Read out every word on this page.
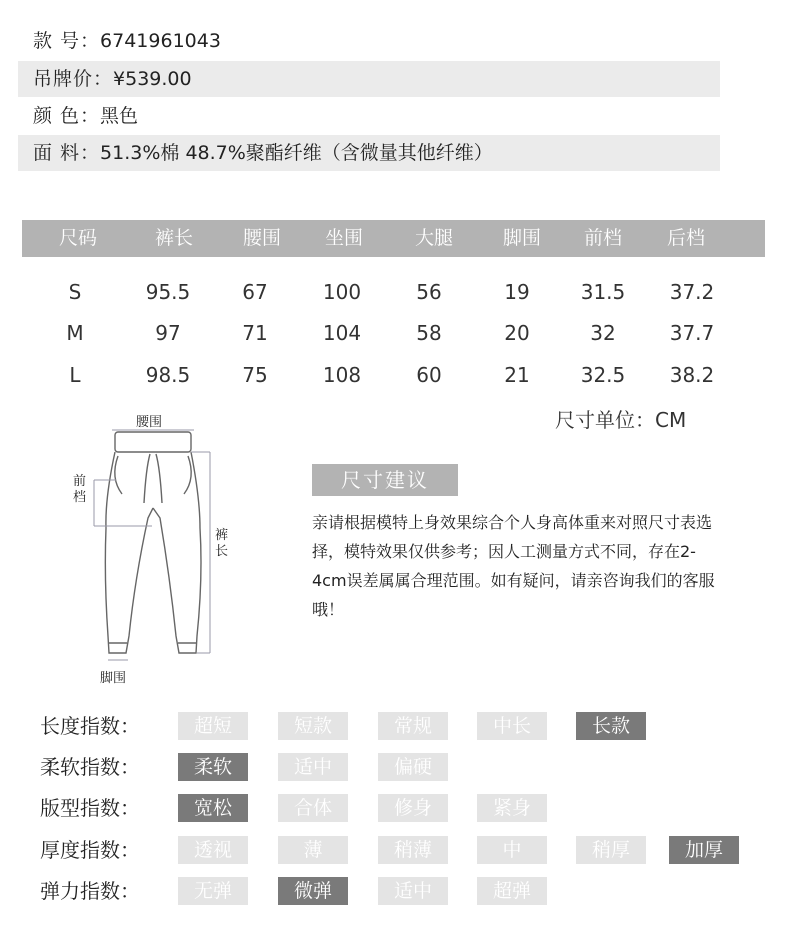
款 号：6741961043
吊牌价：¥539.00
颜 色：黑色
面 料：51.3%棉 48.7%聚酯纤维（含微量其他纤维）
尺码	裤长	腰围	坐围	大腿	脚围	前档	后档
S	95.5	67	100	56	19	31.5	37.2
M	97	71	104	58	20	32	37.7
L	98.5	75	108	60	21	32.5	38.2
尺寸单位：CM
腰围
前档
裤长
脚围
尺寸建议
亲请根据模特上身效果综合个人身高体重来对照尺寸表选择，模特效果仅供参考；因人工测量方式不同，存在2-4cm误差属属合理范围。如有疑问，请亲咨询我们的客服哦！
长度指数：	超短	短款	常规	中长	长款
柔软指数：	柔软	适中	偏硬
版型指数：	宽松	合体	修身	紧身
厚度指数：	透视	薄	稍薄	中	稍厚	加厚
弹力指数：	无弹	微弹	适中	超弹
